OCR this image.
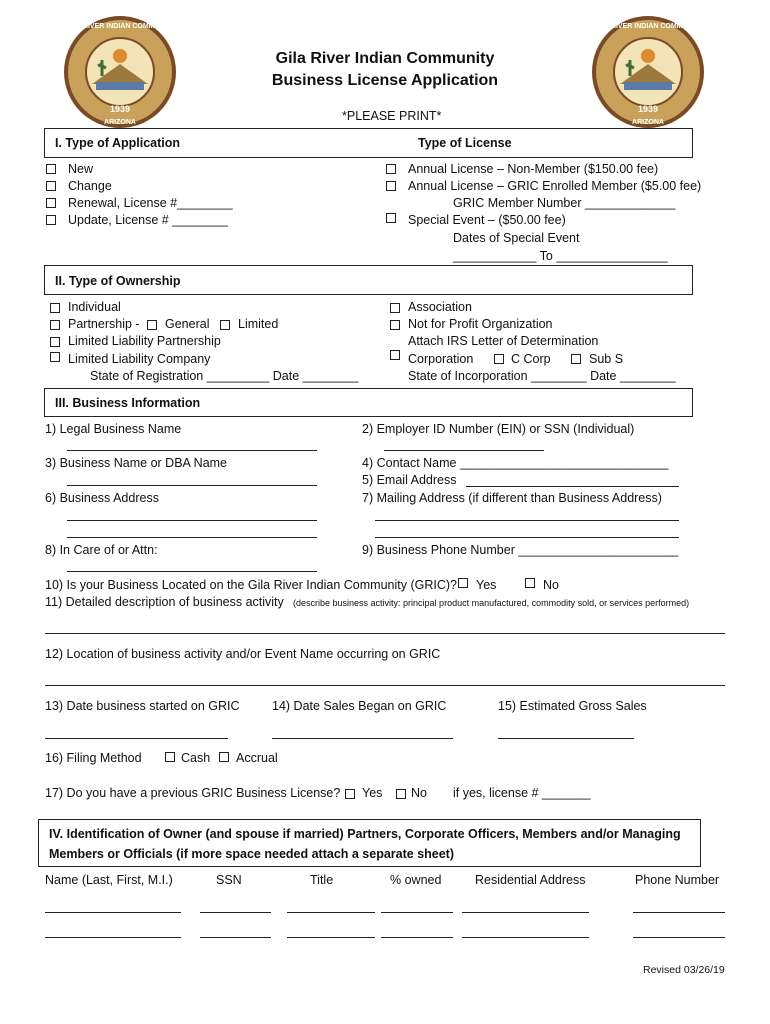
1939
GILA RIVER INDIAN COMMUNITY
ARIZONA
1939
GILA RIVER INDIAN COMMUNITY
ARIZONA
Gila River Indian Community
Business License Application
*PLEASE PRINT*
I. Type of Application	Type of License
New
Change
Renewal, License #________
Update, License # ________
Annual License – Non-Member ($150.00 fee)
Annual License – GRIC Enrolled Member ($5.00 fee)
GRIC Member Number _____________
Special Event – ($50.00 fee)
Dates of Special Event
____________ To ________________
II. Type of Ownership
Individual
Partnership - General Limited
Limited Liability Partnership
Limited Liability Company
State of Registration _________ Date ________
Association
Not for Profit Organization
Attach IRS Letter of Determination
Corporation	C Corp	Sub S
State of Incorporation ________ Date ________
III. Business Information
1) Legal Business Name	2) Employer ID Number (EIN) or SSN (Individual)
3) Business Name or DBA Name	4) Contact Name ______________________________
5) Email Address
6) Business Address	7) Mailing Address (if different than Business Address)
8) In Care of or Attn:	9) Business Phone Number _______________________
10) Is your Business Located on the Gila River Indian Community (GRIC)? Yes	No
11) Detailed description of business activity (describe business activity: principal product manufactured, commodity sold, or services performed)
12) Location of business activity and/or Event Name occurring on GRIC
13) Date business started on GRIC	14) Date Sales Began on GRIC	15) Estimated Gross Sales
16) Filing Method	Cash Accrual
17) Do you have a previous GRIC Business License? Yes No if yes, license # _______
IV. Identification of Owner (and spouse if married) Partners, Corporate Officers, Members and/or Managing
Members or Officials (if more space needed attach a separate sheet)
Name (Last, First, M.I.)	SSN	Title	% owned	Residential Address	Phone Number
Revised 03/26/19
